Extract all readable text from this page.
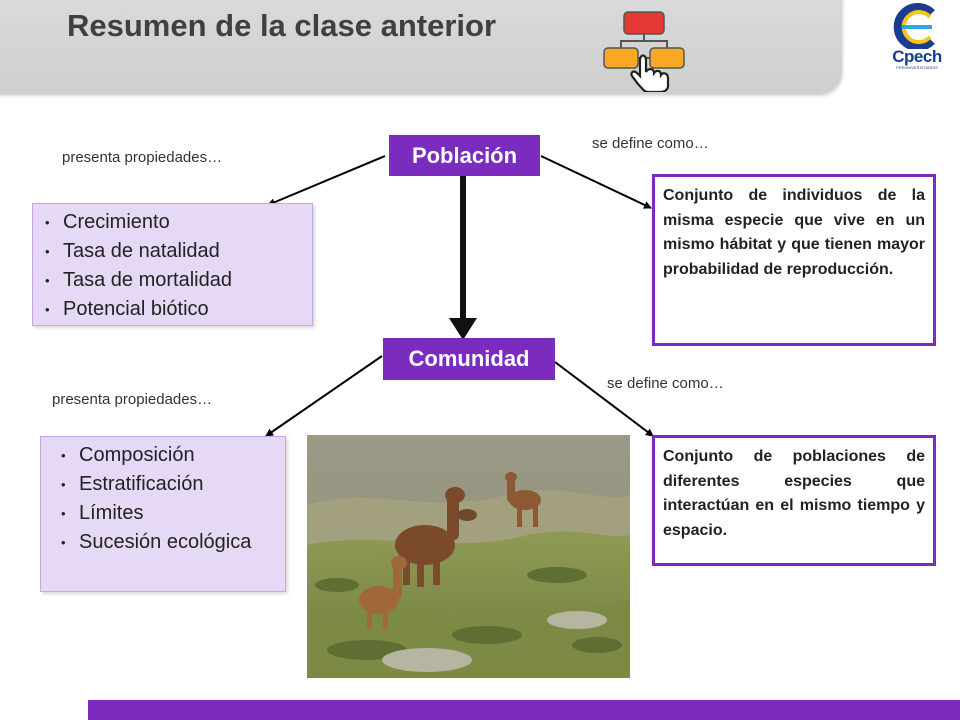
Resumen de la clase anterior
Cpech
PREUNIVERSITARIOS
Población
Comunidad
presenta propiedades…
se define como…
presenta propiedades…
se define como…
• Crecimiento
• Tasa de natalidad
• Tasa de mortalidad
• Potencial biótico
• Composición
• Estratificación
• Límites
• Sucesión ecológica
Conjunto de individuos de la misma especie que vive en un mismo hábitat y que tienen mayor probabilidad de reproducción.
Conjunto de poblaciones de diferentes especies que interactúan en el mismo tiempo y espacio.
